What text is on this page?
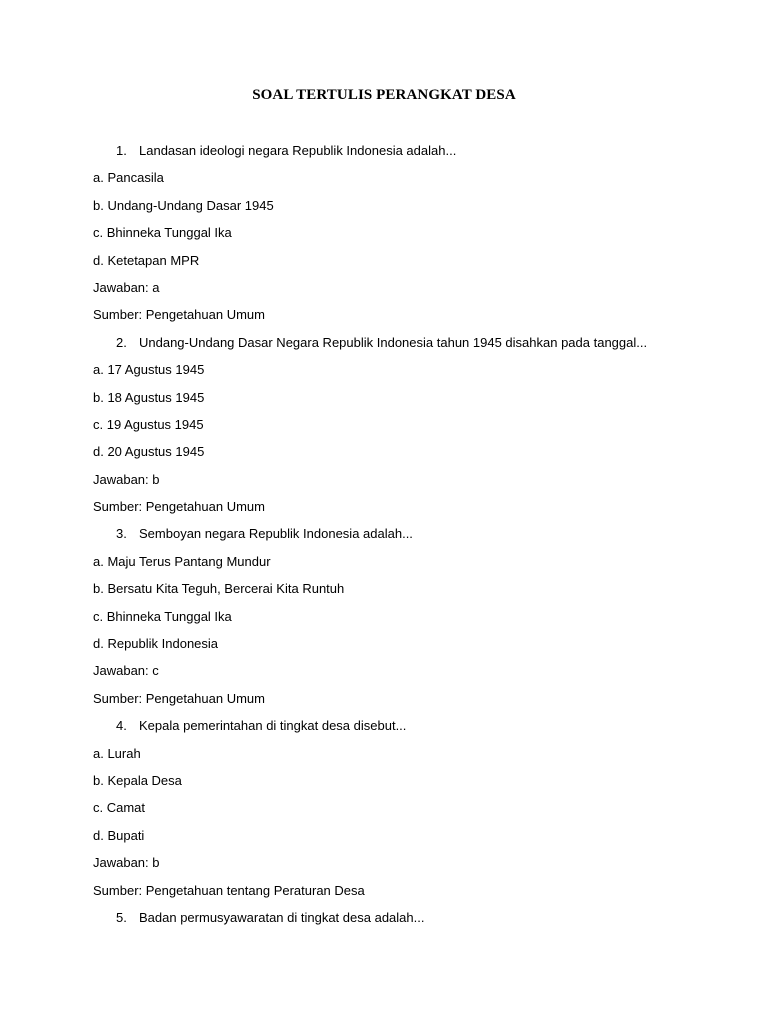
SOAL TERTULIS PERANGKAT DESA
1. Landasan ideologi negara Republik Indonesia adalah...
a. Pancasila
b. Undang-Undang Dasar 1945
c. Bhinneka Tunggal Ika
d. Ketetapan MPR
Jawaban: a
Sumber: Pengetahuan Umum
2. Undang-Undang Dasar Negara Republik Indonesia tahun 1945 disahkan pada tanggal...
a. 17 Agustus 1945
b. 18 Agustus 1945
c. 19 Agustus 1945
d. 20 Agustus 1945
Jawaban: b
Sumber: Pengetahuan Umum
3. Semboyan negara Republik Indonesia adalah...
a. Maju Terus Pantang Mundur
b. Bersatu Kita Teguh, Bercerai Kita Runtuh
c. Bhinneka Tunggal Ika
d. Republik Indonesia
Jawaban: c
Sumber: Pengetahuan Umum
4. Kepala pemerintahan di tingkat desa disebut...
a. Lurah
b. Kepala Desa
c. Camat
d. Bupati
Jawaban: b
Sumber: Pengetahuan tentang Peraturan Desa
5. Badan permusyawaratan di tingkat desa adalah...
